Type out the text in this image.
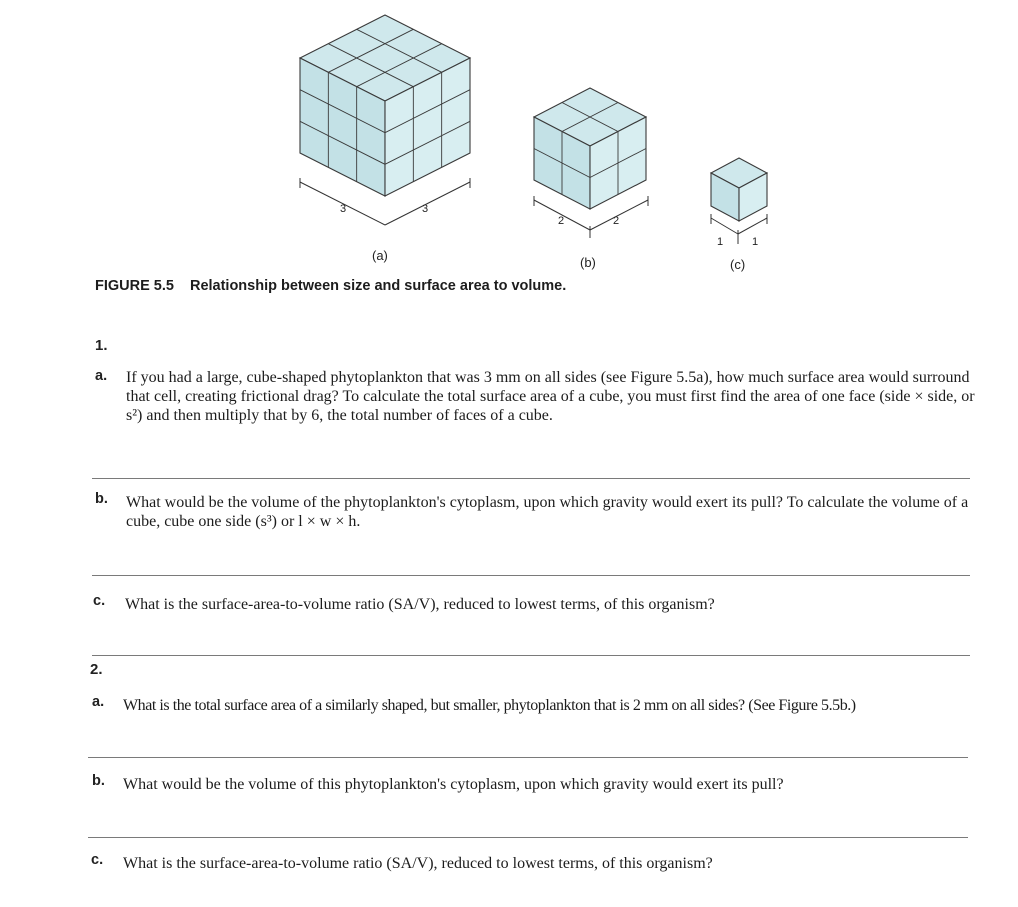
3	3
2	2
1	1
(a)	(b)	(c)
FIGURE 5.5 Relationship between size and surface area to volume.
1.
a. If you had a large, cube-shaped phytoplankton that was 3 mm on all sides (see Figure 5.5a), how much surface area would surround that cell, creating frictional drag? To calculate the total surface area of a cube, you must first find the area of one face (side × side, or s²) and then multiply that by 6, the total number of faces of a cube.
b. What would be the volume of the phytoplankton's cytoplasm, upon which gravity would exert its pull? To calculate the volume of a cube, cube one side (s³) or l × w × h.
c. What is the surface-area-to-volume ratio (SA/V), reduced to lowest terms, of this organism?
2.
a. What is the total surface area of a similarly shaped, but smaller, phytoplankton that is 2 mm on all sides? (See Figure 5.5b.)
b. What would be the volume of this phytoplankton's cytoplasm, upon which gravity would exert its pull?
c. What is the surface-area-to-volume ratio (SA/V), reduced to lowest terms, of this organism?
